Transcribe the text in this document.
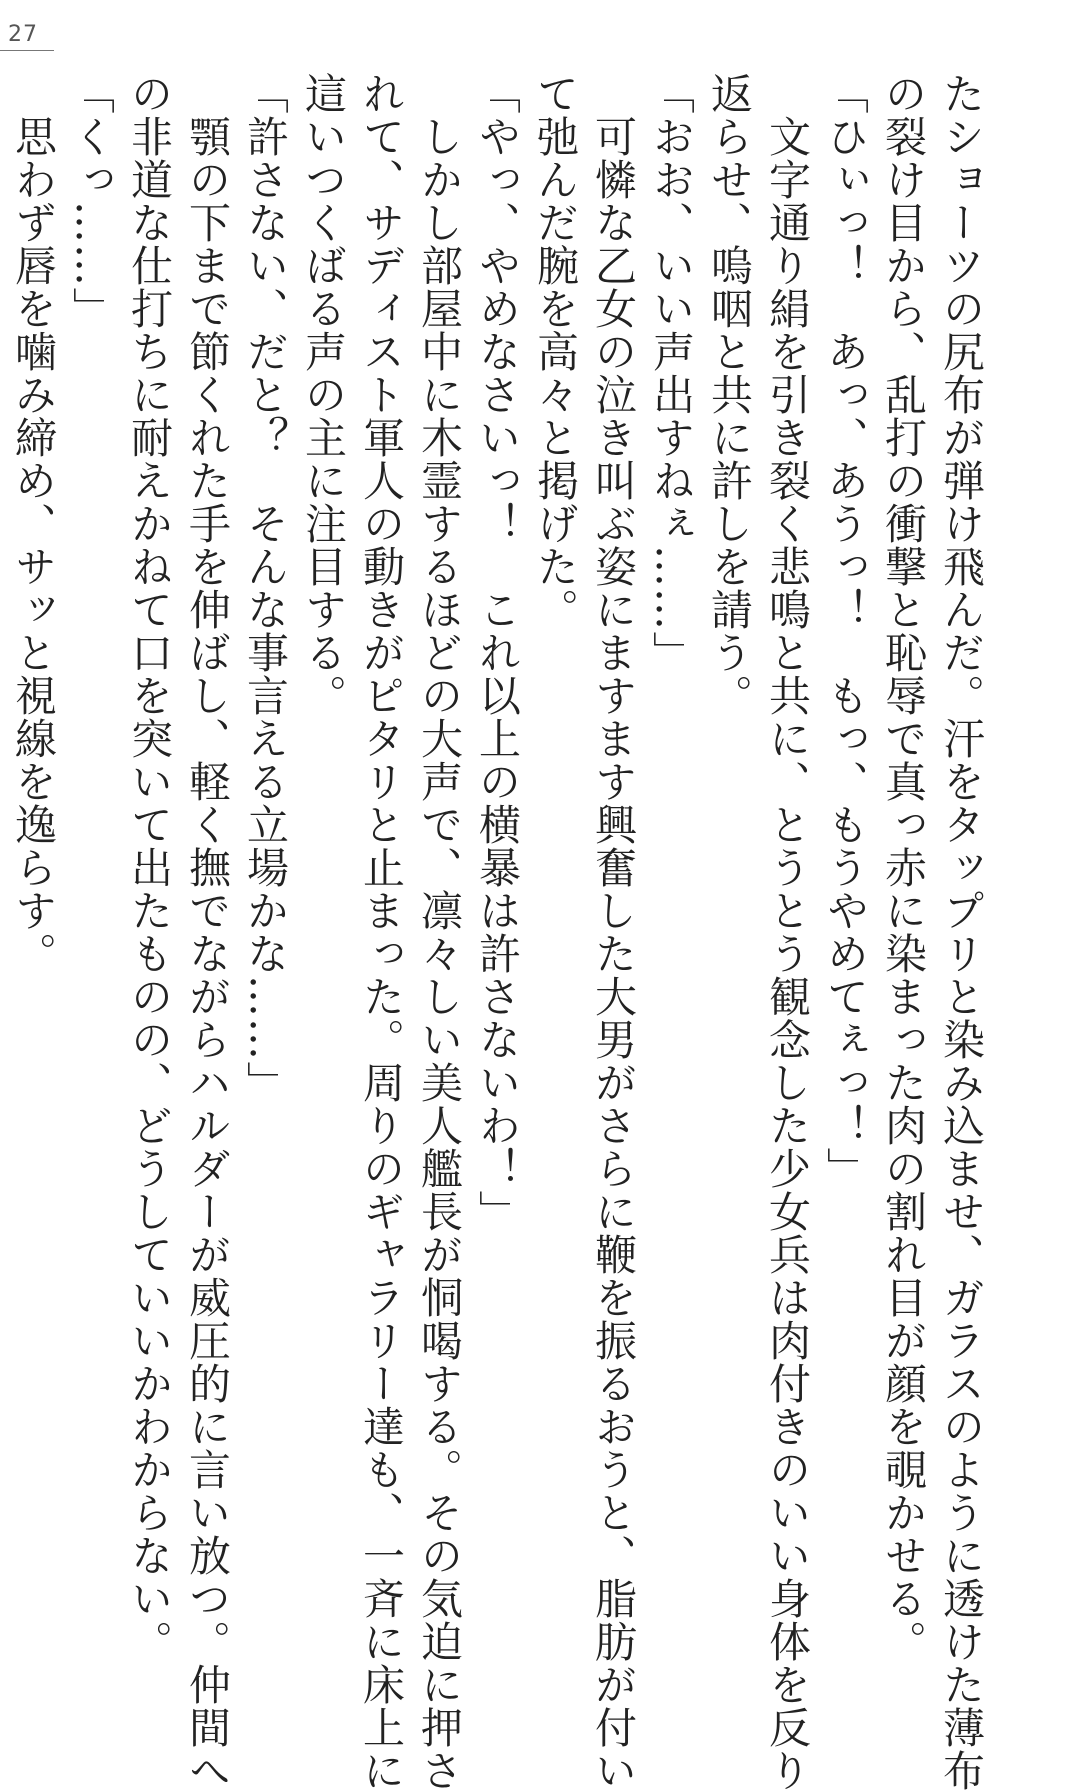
27
たショーツの尻布が弾け飛んだ。汗をタップリと染み込ませ、ガラスのように透けた薄布
の裂け目から、乱打の衝撃と恥辱で真っ赤に染まった肉の割れ目が顔を覗かせる。
「ひぃっ！　あっ、あうっ！　もっ、もうやめてぇっ！」
　文字通り絹を引き裂く悲鳴と共に、とうとう観念した少女兵は肉付きのいい身体を反り
返らせ、嗚咽と共に許しを請う。
「おお、いい声出すねぇ……」
　可憐な乙女の泣き叫ぶ姿にますます興奮した大男がさらに鞭を振るおうと、脂肪が付い
て弛んだ腕を高々と掲げた。
「やっ、やめなさいっ！　これ以上の横暴は許さないわ！」
　しかし部屋中に木霊するほどの大声で、凛々しい美人艦長が恫喝する。その気迫に押さ
れて、サディスト軍人の動きがピタリと止まった。周りのギャラリー達も、一斉に床上に
這いつくばる声の主に注目する。
「許さない、だと？　そんな事言える立場かな……」
　顎の下まで節くれた手を伸ばし、軽く撫でながらハルダーが威圧的に言い放つ。仲間へ
の非道な仕打ちに耐えかねて口を突いて出たものの、どうしていいかわからない。
「くっ……」
　思わず唇を噛み締め、サッと視線を逸らす。
